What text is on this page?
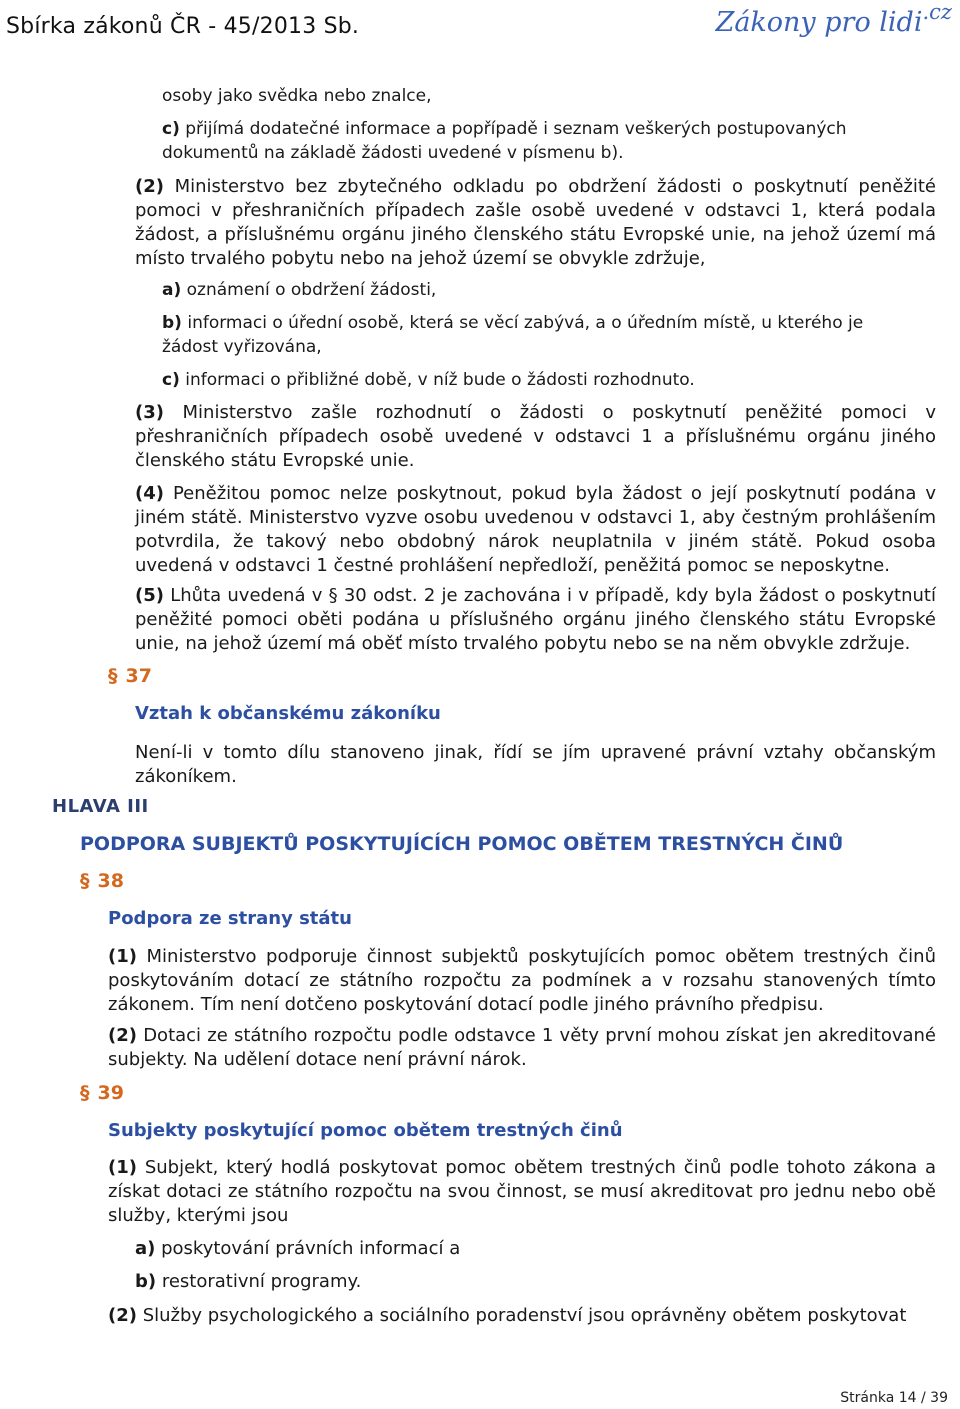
Sbírka zákonů ČR - 45/2013 Sb.	Zákony pro lidi$^{.cz}$

osoby jako svědka nebo znalce,

c) přijímá dodatečné informace a popřípadě i seznam veškerých postupovaných dokumentů na základě žádosti uvedené v písmenu b).

(2) Ministerstvo bez zbytečného odkladu po obdržení žádosti o poskytnutí peněžité pomoci v přeshraničních případech zašle osobě uvedené v odstavci 1, která podala žádost, a příslušnému orgánu jiného členského státu Evropské unie, na jehož území má místo trvalého pobytu nebo na jehož území se obvykle zdržuje,

a) oznámení o obdržení žádosti,

b) informaci o úřední osobě, která se věcí zabývá, a o úředním místě, u kterého je žádost vyřizována,

c) informaci o přibližné době, v níž bude o žádosti rozhodnuto.

(3) Ministerstvo zašle rozhodnutí o žádosti o poskytnutí peněžité pomoci v přeshraničních případech osobě uvedené v odstavci 1 a příslušnému orgánu jiného členského státu Evropské unie.

(4) Peněžitou pomoc nelze poskytnout, pokud byla žádost o její poskytnutí podána v jiném státě. Ministerstvo vyzve osobu uvedenou v odstavci 1, aby čestným prohlášením potvrdila, že takový nebo obdobný nárok neuplatnila v jiném státě. Pokud osoba uvedená v odstavci 1 čestné prohlášení nepředloží, peněžitá pomoc se neposkytne.

(5) Lhůta uvedená v § 30 odst. 2 je zachována i v případě, kdy byla žádost o poskytnutí peněžité pomoci oběti podána u příslušného orgánu jiného členského státu Evropské unie, na jehož území má oběť místo trvalého pobytu nebo se na něm obvykle zdržuje.

§ 37
Vztah k občanskému zákoníku

Není-li v tomto dílu stanoveno jinak, řídí se jím upravené právní vztahy občanským zákoníkem.

HLAVA III
PODPORA SUBJEKTŮ POSKYTUJÍCÍCH POMOC OBĚTEM TRESTNÝCH ČINŮ
§ 38
Podpora ze strany státu

(1) Ministerstvo podporuje činnost subjektů poskytujících pomoc obětem trestných činů poskytováním dotací ze státního rozpočtu za podmínek a v rozsahu stanovených tímto zákonem. Tím není dotčeno poskytování dotací podle jiného právního předpisu.

(2) Dotaci ze státního rozpočtu podle odstavce 1 věty první mohou získat jen akreditované subjekty. Na udělení dotace není právní nárok.

§ 39
Subjekty poskytující pomoc obětem trestných činů

(1) Subjekt, který hodlá poskytovat pomoc obětem trestných činů podle tohoto zákona a získat dotaci ze státního rozpočtu na svou činnost, se musí akreditovat pro jednu nebo obě služby, kterými jsou

a) poskytování právních informací a

b) restorativní programy.

(2) Služby psychologického a sociálního poradenství jsou oprávněny obětem poskytovat

Stránka 14 / 39
